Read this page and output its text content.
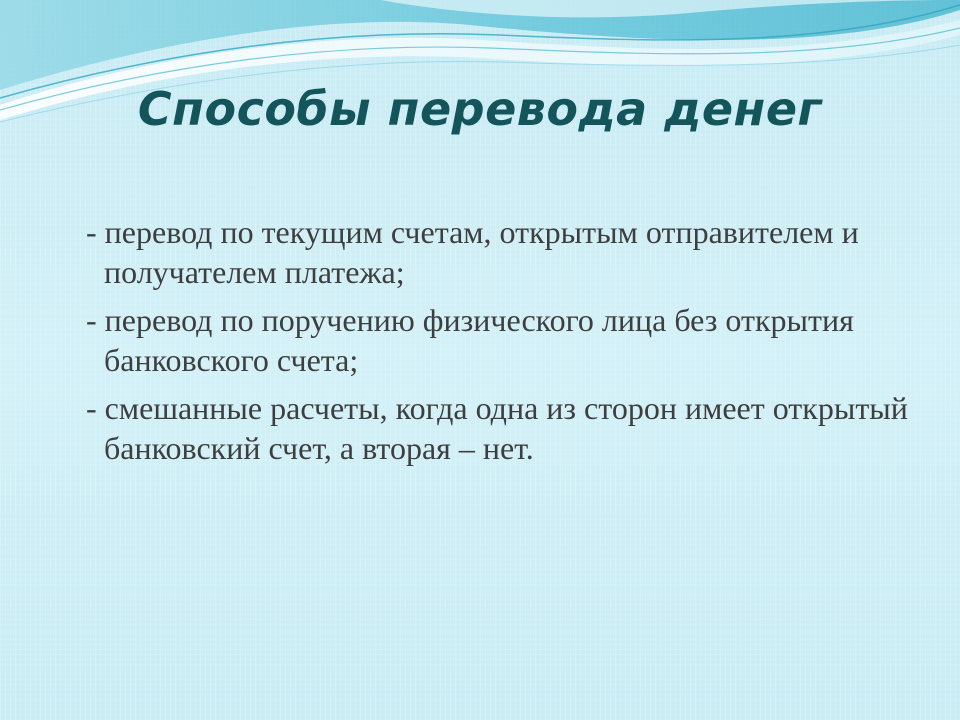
Способы перевода денег
- перевод по текущим счетам, открытым отправителем и получателем платежа;
- перевод по поручению физического лица без открытия банковского счета;
- смешанные расчеты, когда одна из сторон имеет открытый банковский счет, а вторая – нет.
